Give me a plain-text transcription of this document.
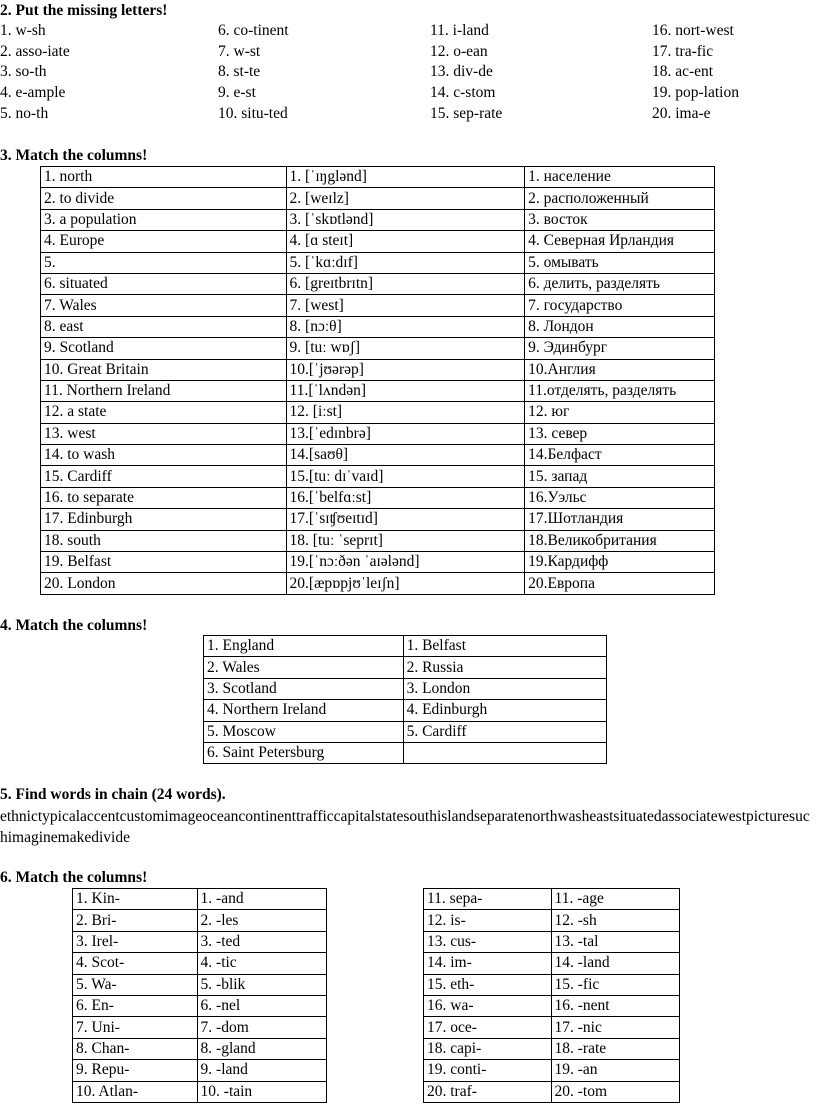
2. Put the missing letters!
1. w-sh
2. asso-iate
3. so-th
4. e-ample
5. no-th
6. co-tinent
7. w-st
8. st-te
9. e-st
10. situ-ted
11. i-land
12. o-ean
13. div-de
14. c-stom
15. sep-rate
16. nort-west
17. tra-fic
18. ac-ent
19. pop-lation
20. ima-e
3. Match the columns!
1. north	1. [ˈɪŋglənd]	1. население
2. to divide	2. [weɪlz]	2. расположенный
3. a population	3. [ˈskɒtlənd]	3. восток
4. Europe	4. [ɑ steɪt]	4. Северная Ирландия
5.	5. [ˈkɑːdɪf]	5. омывать
6. situated	6. [greɪtbrɪtn]	6. делить, разделять
7. Wales	7. [west]	7. государство
8. east	8. [nɔːθ]	8. Лондон
9. Scotland	9. [tuː wɒʃ]	9. Эдинбург
10. Great Britain	10.[ˈjʊərəp]	10.Англия
11. Northern Ireland	11.[ˈlʌndən]	11.отделять, разделять
12. a state	12. [iːst]	12. юг
13. west	13.[ˈedɪnbrə]	13. север
14. to wash	14.[saʊθ]	14.Белфаст
15. Cardiff	15.[tuː dɪˈvaɪd]	15. запад
16. to separate	16.[ˈbelfɑːst]	16.Уэльс
17. Edinburgh	17.[ˈsɪʧʊeɪtɪd]	17.Шотландия
18. south	18. [tuː ˈseprɪt]	18.Великобритания
19. Belfast	19.[ˈnɔːðən ˈaɪələnd]	19.Кардифф
20. London	20.[æpɒpjʊˈleɪʃn]	20.Европа
4. Match the columns!
1. England	1. Belfast
2. Wales	2. Russia
3. Scotland	3. London
4. Northern Ireland	4. Edinburgh
5. Moscow	5. Cardiff
6. Saint Petersburg	
5. Find words in chain (24 words).
ethnictypicalaccentcustomimageoceancontinenttrafficcapitalstatesouthislandseparatenorthwasheastsituatedassociatewestpicturesuchimaginemakedivide
6. Match the columns!
1. Kin-	1. -and
2. Bri-	2. -les
3. Irel-	3. -ted
4. Scot-	4. -tic
5. Wa-	5. -blik
6. En-	6. -nel
7. Uni-	7. -dom
8. Chan-	8. -gland
9. Repu-	9. -land
10. Atlan-	10. -tain
11. sepa-	11. -age
12. is-	12. -sh
13. cus-	13. -tal
14. im-	14. -land
15. eth-	15. -fic
16. wa-	16. -nent
17. oce-	17. -nic
18. capi-	18. -rate
19. conti-	19. -an
20. traf-	20. -tom
